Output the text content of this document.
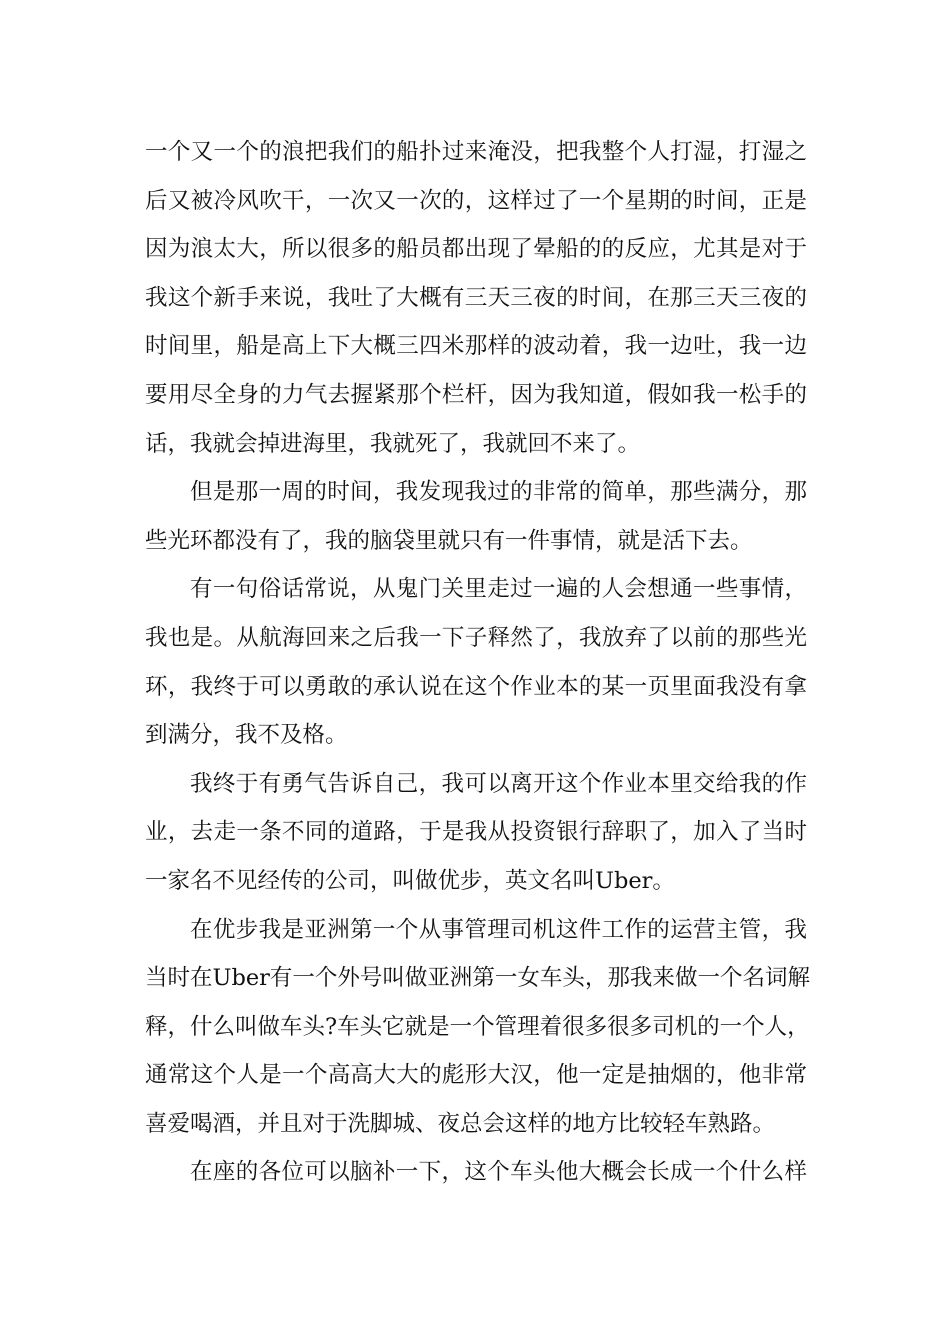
一个又一个的浪把我们的船扑过来淹没，把我整个人打湿，打湿之
后又被冷风吹干，一次又一次的，这样过了一个星期的时间，正是
因为浪太大，所以很多的船员都出现了晕船的的反应，尤其是对于
我这个新手来说，我吐了大概有三天三夜的时间，在那三天三夜的
时间里，船是高上下大概三四米那样的波动着，我一边吐，我一边
要用尽全身的力气去握紧那个栏杆，因为我知道，假如我一松手的
话，我就会掉进海里，我就死了，我就回不来了。
但是那一周的时间，我发现我过的非常的简单，那些满分，那
些光环都没有了，我的脑袋里就只有一件事情，就是活下去。
有一句俗话常说，从鬼门关里走过一遍的人会想通一些事情，
我也是。从航海回来之后我一下子释然了，我放弃了以前的那些光
环，我终于可以勇敢的承认说在这个作业本的某一页里面我没有拿
到满分，我不及格。
我终于有勇气告诉自己，我可以离开这个作业本里交给我的作
业，去走一条不同的道路，于是我从投资银行辞职了，加入了当时
一家名不见经传的公司，叫做优步，英文名叫Uber。
在优步我是亚洲第一个从事管理司机这件工作的运营主管，我
当时在Uber有一个外号叫做亚洲第一女车头，那我来做一个名词解
释，什么叫做车头?车头它就是一个管理着很多很多司机的一个人，
通常这个人是一个高高大大的彪形大汉，他一定是抽烟的，他非常
喜爱喝酒，并且对于洗脚城、夜总会这样的地方比较轻车熟路。
在座的各位可以脑补一下，这个车头他大概会长成一个什么样
